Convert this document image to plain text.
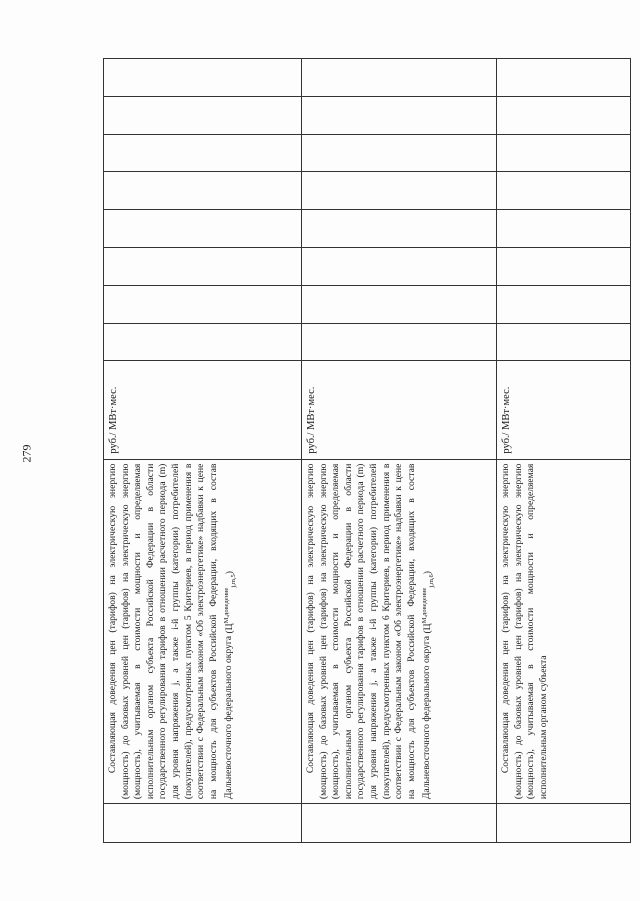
279

	Составляющая доведения цен (тарифов) на электрическую энергию (мощность) до базовых уровней цен (тарифов) на электрическую энергию (мощность), учитываемая в стоимости мощности и определяемая исполнительным органом субъекта Российской Федерации в области государственного регулирования тарифов в отношении расчетного периода (m) для уровня напряжения j, а также i-й группы (категории) потребителей (покупателей), предусмотренных пунктом 5 Критериев, в период применения в соответствии с Федеральным законом «Об электроэнергетике» надбавки к цене на мощность для субъектов Российской Федерации, входящих в состав Дальневосточного федерального округа $(Ц^{М,доведение}_{j,m,5})$	руб./ МВт·мес.								

	Составляющая доведения цен (тарифов) на электрическую энергию (мощность) до базовых уровней цен (тарифов) на электрическую энергию (мощность), учитываемая в стоимости мощности и определяемая исполнительным органом субъекта Российской Федерации в области государственного регулирования тарифов в отношении расчетного периода (m) для уровня напряжения j, а также i-й группы (категории) потребителей (покупателей), предусмотренных пунктом 6 Критериев, в период применения в соответствии с Федеральным законом «Об электроэнергетике» надбавки к цене на мощность для субъектов Российской Федерации, входящих в состав Дальневосточного федерального округа $(Ц^{М,доведение}_{j,m,6})$	руб./ МВт·мес.								

	Составляющая доведения цен (тарифов) на электрическую энергию (мощность) до базовых уровней цен (тарифов) на электрическую энергию (мощность), учитываемая в стоимости мощности и определяемая исполнительным органом субъекта	руб./ МВт·мес.								
